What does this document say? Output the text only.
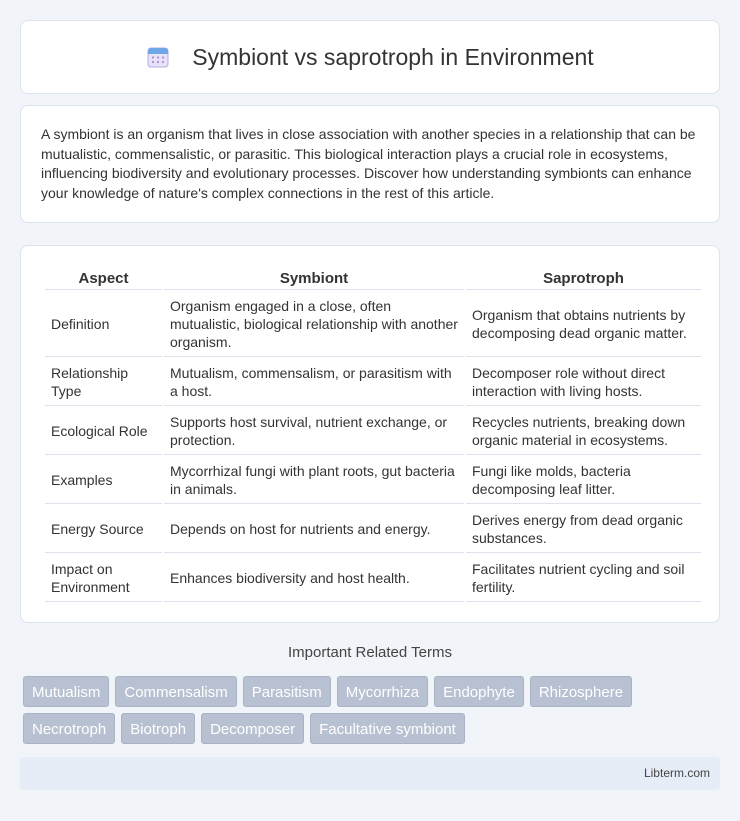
Symbiont vs saprotroph in Environment

A symbiont is an organism that lives in close association with another species in a relationship that can be mutualistic, commensalistic, or parasitic. This biological interaction plays a crucial role in ecosystems, influencing biodiversity and evolutionary processes. Discover how understanding symbionts can enhance your knowledge of nature's complex connections in the rest of this article.

Aspect	Symbiont	Saprotroph
Definition	Organism engaged in a close, often mutualistic, biological relationship with another organism.	Organism that obtains nutrients by decomposing dead organic matter.
Relationship Type	Mutualism, commensalism, or parasitism with a host.	Decomposer role without direct interaction with living hosts.
Ecological Role	Supports host survival, nutrient exchange, or protection.	Recycles nutrients, breaking down organic material in ecosystems.
Examples	Mycorrhizal fungi with plant roots, gut bacteria in animals.	Fungi like molds, bacteria decomposing leaf litter.
Energy Source	Depends on host for nutrients and energy.	Derives energy from dead organic substances.
Impact on Environment	Enhances biodiversity and host health.	Facilitates nutrient cycling and soil fertility.
Important Related Terms
Mutualism	Commensalism	Parasitism	Mycorrhiza	Endophyte	Rhizosphere
Necrotroph	Biotroph	Decomposer	Facultative symbiont
Libterm.com
